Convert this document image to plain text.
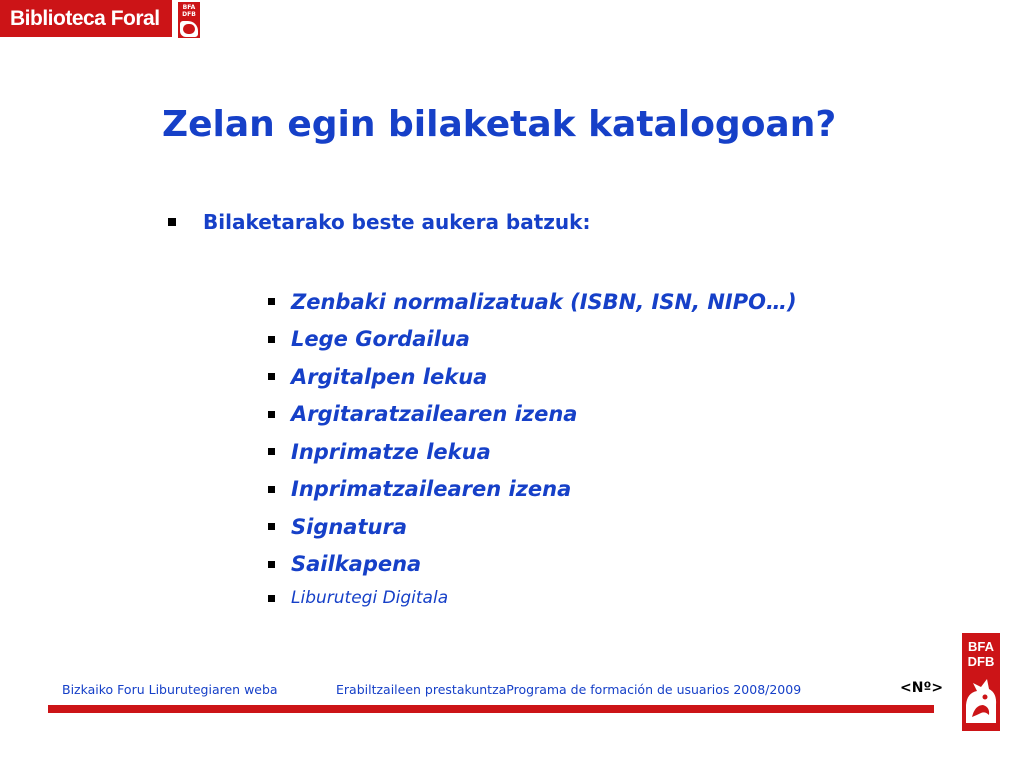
Biblioteca Foral	BFA
DFB
Zelan egin bilaketak katalogoan?
Bilaketarako beste aukera batzuk:
Zenbaki normalizatuak (ISBN, ISN, NIPO…)
Lege Gordailua
Argitalpen lekua
Argitaratzailearen izena
Inprimatze lekua
Inprimatzailearen izena
Signatura
Sailkapena
Liburutegi Digitala
Bizkaiko Foru Liburutegiaren weba	Erabiltzaileen prestakuntzaPrograma de formación de usuarios 2008/2009	<Nº>
BFA
DFB
